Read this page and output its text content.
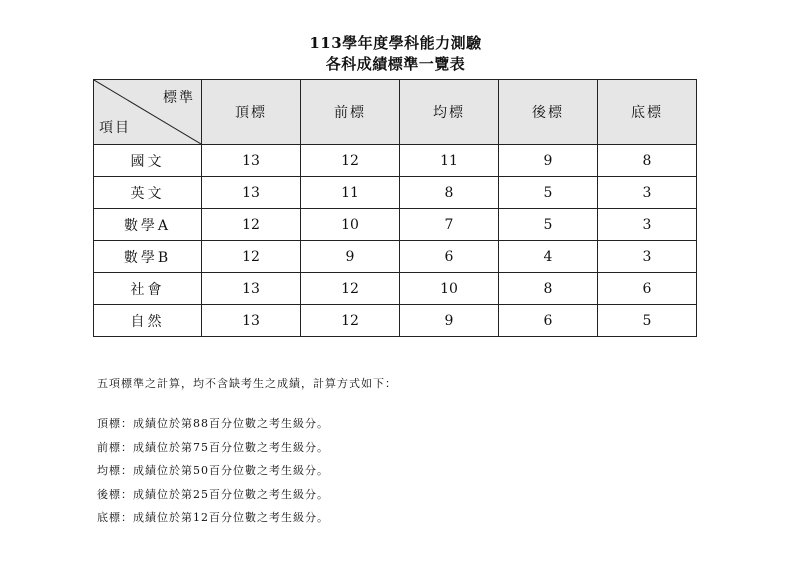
113學年度學科能力測驗
各科成績標準一覽表
標準
項目	頂標	前標	均標	後標	底標
國文	13	12	11	9	8
英文	13	11	8	5	3
數學A	12	10	7	5	3
數學B	12	9	6	4	3
社會	13	12	10	8	6
自然	13	12	9	6	5

五項標準之計算，均不含缺考生之成績，計算方式如下：

頂標：成績位於第88百分位數之考生級分。
前標：成績位於第75百分位數之考生級分。
均標：成績位於第50百分位數之考生級分。
後標：成績位於第25百分位數之考生級分。
底標：成績位於第12百分位數之考生級分。
